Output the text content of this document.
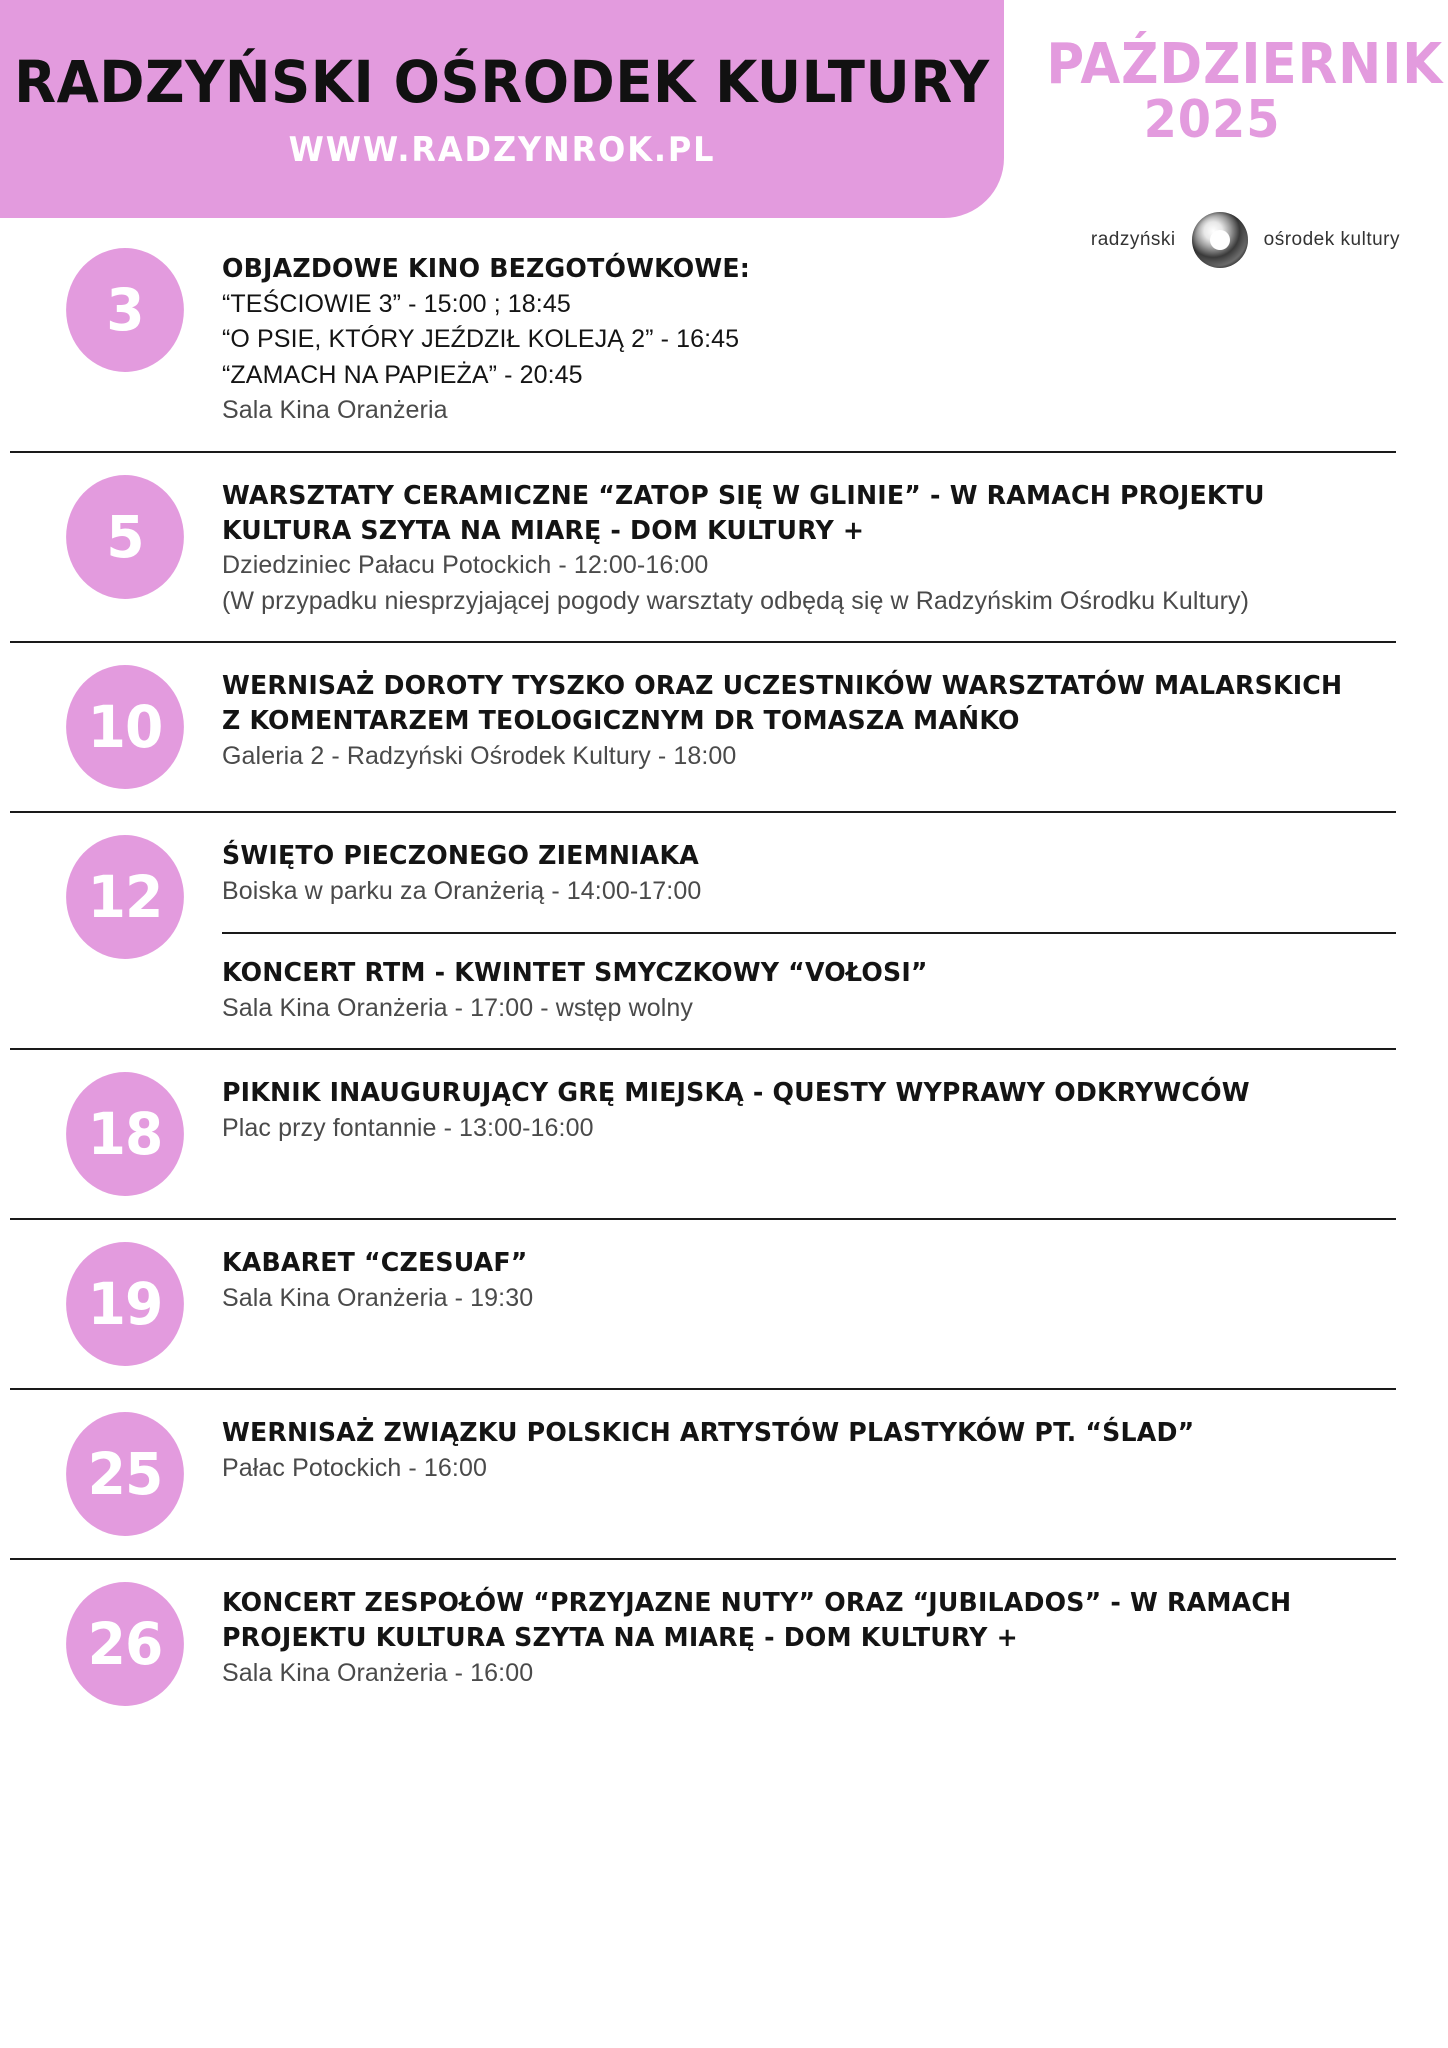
RADZYŃSKI OŚRODEK KULTURY
WWW.RADZYNROK.PL
PAŹDZIERNIK
2025
radzyński	ośrodek kultury
3
OBJAZDOWE KINO BEZGOTÓWKOWE:
“TEŚCIOWIE 3” - 15:00 ; 18:45
“O PSIE, KTÓRY JEŹDZIŁ KOLEJĄ 2” - 16:45
“ZAMACH NA PAPIEŻA” - 20:45
Sala Kina Oranżeria
5
WARSZTATY CERAMICZNE “ZATOP SIĘ W GLINIE” - W RAMACH PROJEKTU KULTURA SZYTA NA MIARĘ - DOM KULTURY +
Dziedziniec Pałacu Potockich - 12:00-16:00
(W przypadku niesprzyjającej pogody warsztaty odbędą się w Radzyńskim Ośrodku Kultury)
10
WERNISAŻ DOROTY TYSZKO ORAZ UCZESTNIKÓW WARSZTATÓW MALARSKICH Z KOMENTARZEM TEOLOGICZNYM DR TOMASZA MAŃKO
Galeria 2 - Radzyński Ośrodek Kultury - 18:00
12
ŚWIĘTO PIECZONEGO ZIEMNIAKA
Boiska w parku za Oranżerią - 14:00-17:00
KONCERT RTM - KWINTET SMYCZKOWY “VOŁOSI”
Sala Kina Oranżeria - 17:00 - wstęp wolny
18
PIKNIK INAUGURUJĄCY GRĘ MIEJSKĄ - QUESTY WYPRAWY ODKRYWCÓW
Plac przy fontannie - 13:00-16:00
19
KABARET “CZESUAF”
Sala Kina Oranżeria - 19:30
25
WERNISAŻ ZWIĄZKU POLSKICH ARTYSTÓW PLASTYKÓW PT. “ŚLAD”
Pałac Potockich - 16:00
26
KONCERT ZESPOŁÓW “PRZYJAZNE NUTY” ORAZ “JUBILADOS” - W RAMACH PROJEKTU KULTURA SZYTA NA MIARĘ - DOM KULTURY +
Sala Kina Oranżeria - 16:00
